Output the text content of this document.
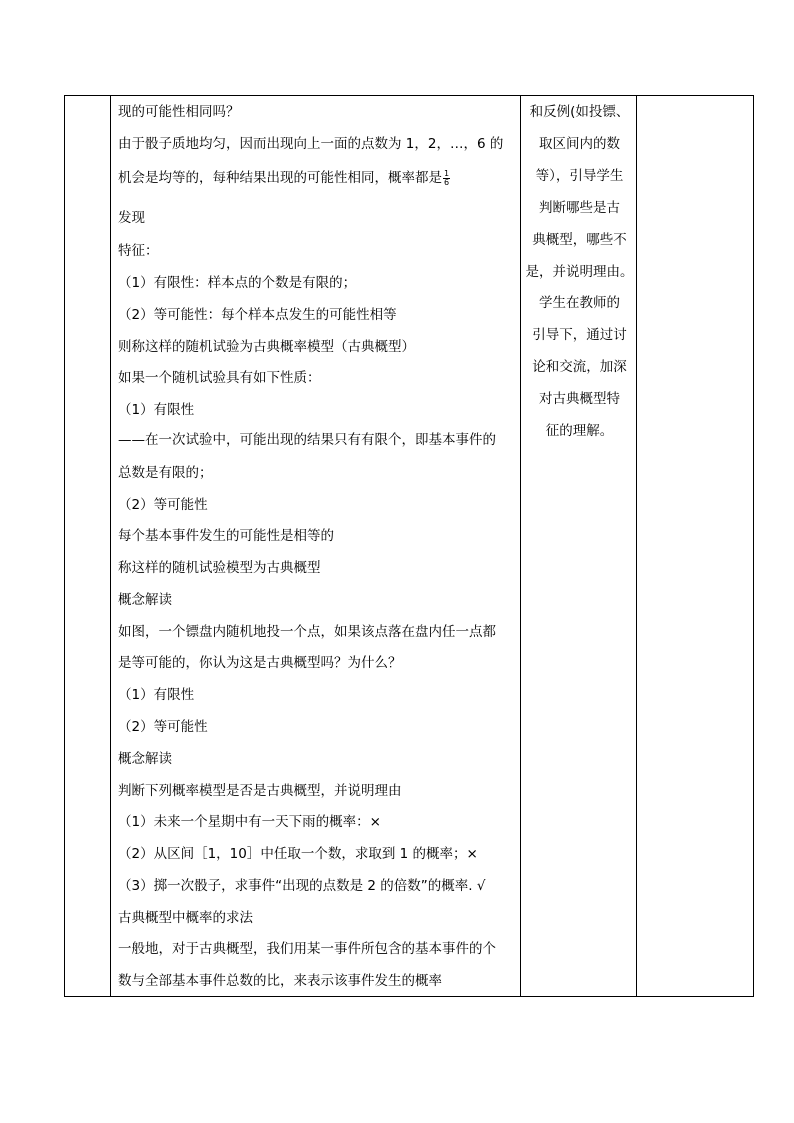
现的可能性相同吗？
由于骰子质地均匀，因而出现向上一面的点数为 1，2，…，6 的
机会是均等的，每种结果出现的可能性相同，概率都是 $\frac{1}{6}$
发现
特征：
（1）有限性：样本点的个数是有限的；
（2）等可能性：每个样本点发生的可能性相等
则称这样的随机试验为古典概率模型（古典概型）
如果一个随机试验具有如下性质：
（1）有限性
——在一次试验中，可能出现的结果只有有限个，即基本事件的
总数是有限的；
（2）等可能性
每个基本事件发生的可能性是相等的
称这样的随机试验模型为古典概型
概念解读
如图，一个镖盘内随机地投一个点，如果该点落在盘内任一点都
是等可能的，你认为这是古典概型吗？为什么？
（1）有限性
（2）等可能性
概念解读
判断下列概率模型是否是古典概型，并说明理由
（1）未来一个星期中有一天下雨的概率：×
（2）从区间［1，10］中任取一个数，求取到 1 的概率；×
（3）掷一次骰子，求事件“出现的点数是 2 的倍数”的概率. √
古典概型中概率的求法
一般地，对于古典概型，我们用某一事件所包含的基本事件的个
数与全部基本事件总数的比，来表示该事件发生的概率
和反例(如投镖、
取区间内的数
等），引导学生
判断哪些是古
典概型，哪些不
是，并说明理由。
学生在教师的
引导下，通过讨
论和交流，加深
对古典概型特
征的理解。
